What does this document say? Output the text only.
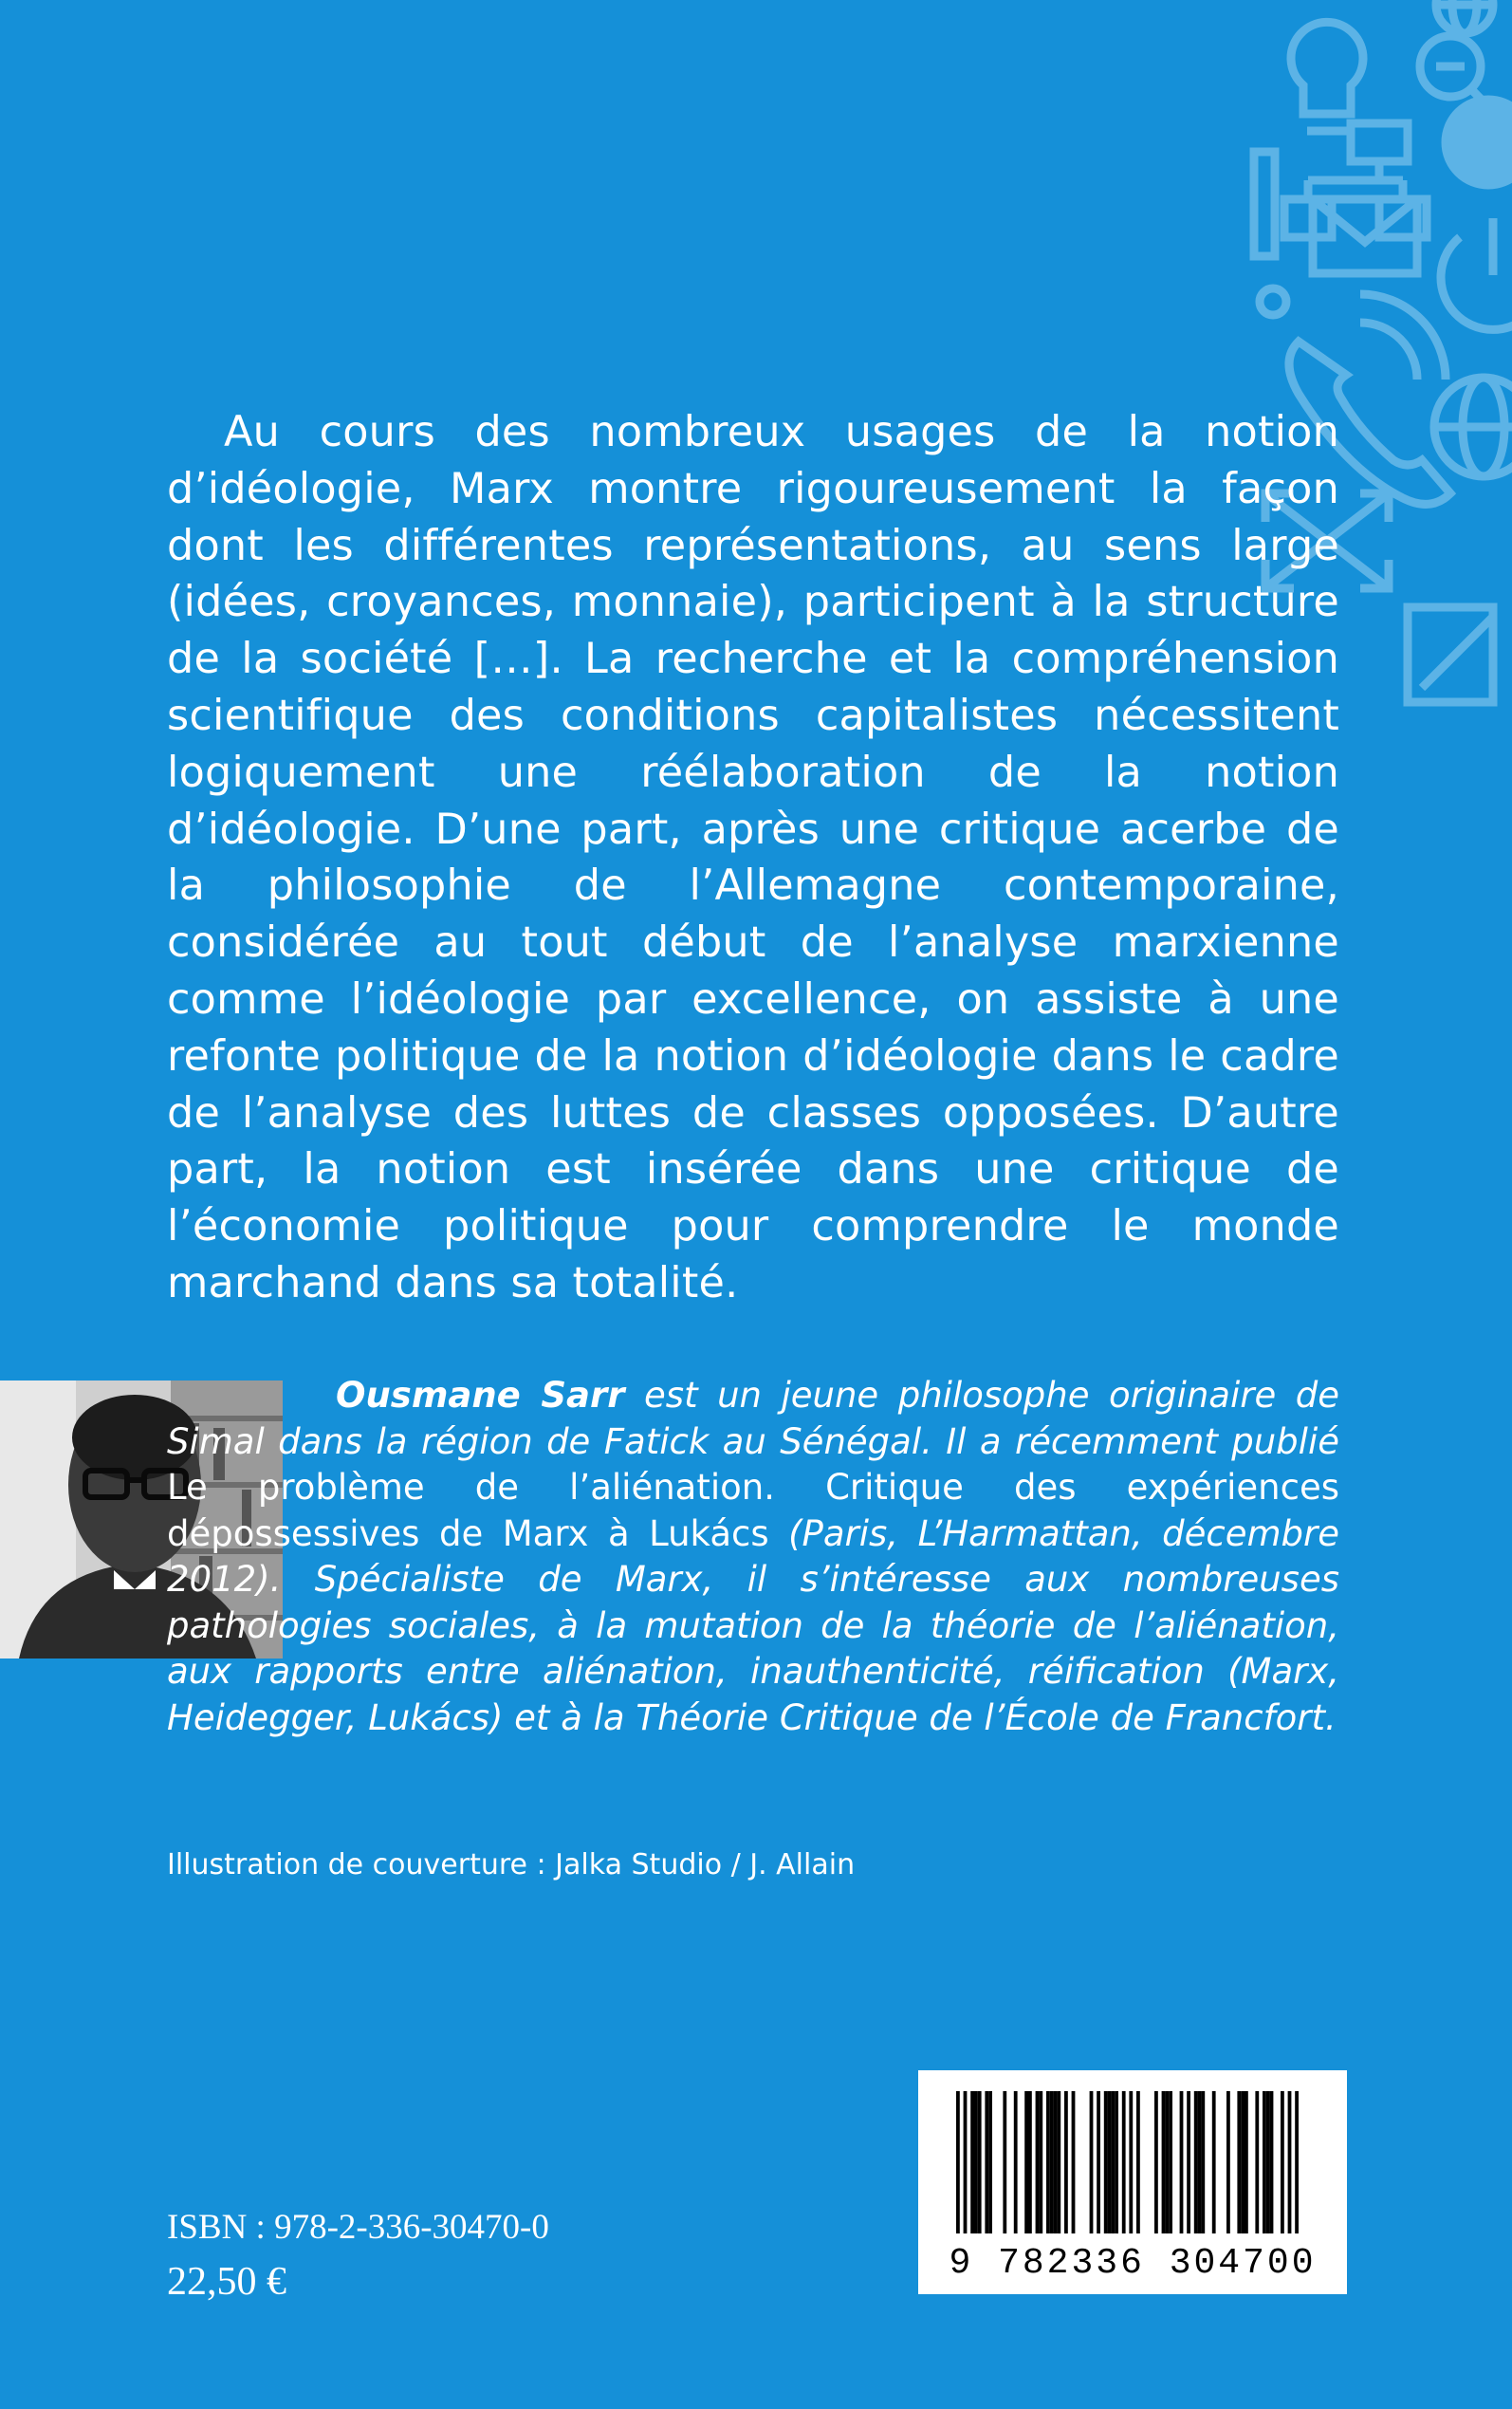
Au cours des nombreux usages de la notion d’idéologie, Marx montre rigoureusement la façon dont les différentes représentations, au sens large (idées, croyances, monnaie), participent à la structure de la société […]. La recherche et la compréhension scientifique des conditions capitalistes nécessitent logiquement une réélaboration de la notion d’idéologie. D’une part, après une critique acerbe de la philosophie de l’Allemagne contemporaine, considérée au tout début de l’analyse marxienne comme l’idéologie par excellence, on assiste à une refonte politique de la notion d’idéologie dans le cadre de l’analyse des luttes de classes opposées. D’autre part, la notion est insérée dans une critique de l’économie politique pour comprendre le monde marchand dans sa totalité.

Ousmane Sarr est un jeune philosophe originaire de Simal dans la région de Fatick au Sénégal. Il a récemment publié Le problème de l’aliénation. Critique des expériences dépossessives de Marx à Lukács (Paris, L’Harmattan, décembre 2012). Spécialiste de Marx, il s’intéresse aux nombreuses pathologies sociales, à la mutation de la théorie de l’aliénation, aux rapports entre aliénation, inauthenticité, réification (Marx, Heidegger, Lukács) et à la Théorie Critique de l’École de Francfort.
Illustration de couverture : Jalka Studio / J. Allain
ISBN : 978-2-336-30470-0
22,50 €	9 782336 304700
